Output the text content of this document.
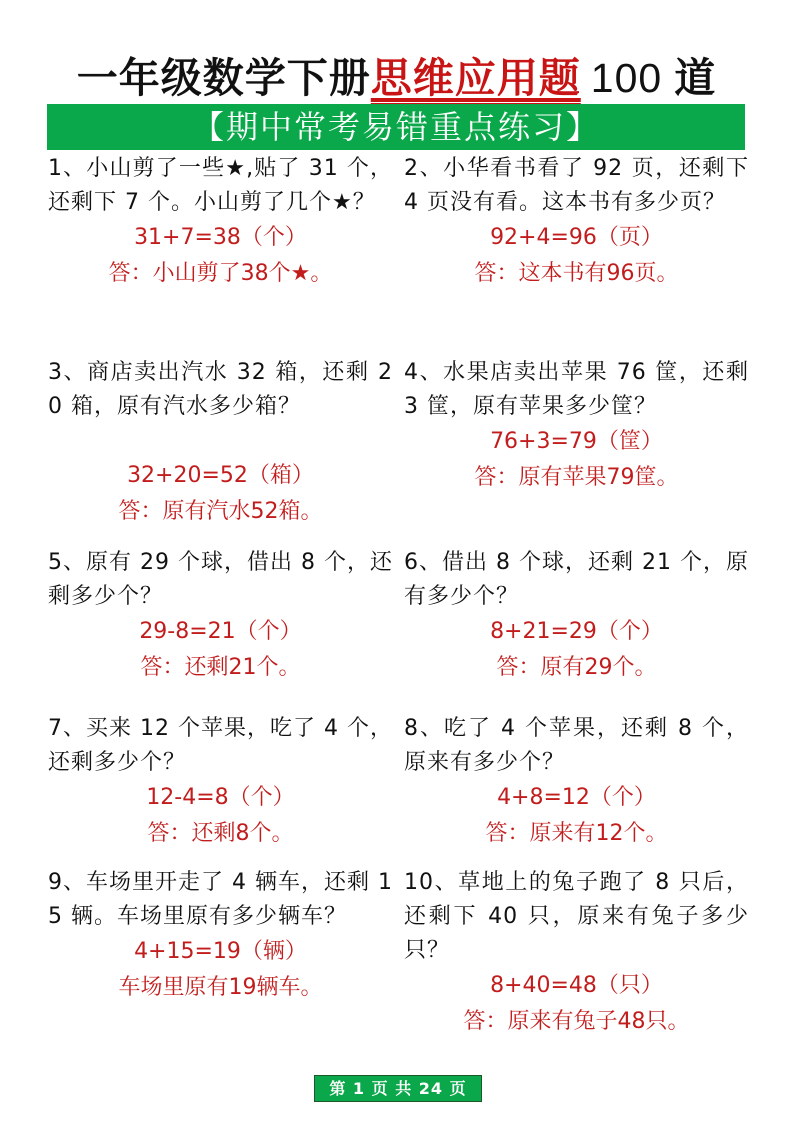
一年级数学下册思维应用题 100 道
【期中常考易错重点练习】
1、小山剪了一些★,贴了 31 个，还剩下 7 个。小山剪了几个★？
31+7=38（个）
答：小山剪了38个★。
2、小华看书看了 92 页，还剩下 4 页没有看。这本书有多少页？
92+4=96（页）
答：这本书有96页。
3、商店卖出汽水 32 箱，还剩 20 箱，原有汽水多少箱？
32+20=52（箱）
答：原有汽水52箱。
4、水果店卖出苹果 76 筐，还剩 3 筐，原有苹果多少筐？
76+3=79（筐）
答：原有苹果79筐。
5、原有 29 个球，借出 8 个，还剩多少个？
29-8=21（个）
答：还剩21个。
6、借出 8 个球，还剩 21 个，原有多少个？
8+21=29（个）
答：原有29个。
7、买来 12 个苹果，吃了 4 个，还剩多少个？
12-4=8（个）
答：还剩8个。
8、吃了 4 个苹果，还剩 8 个，原来有多少个？
4+8=12（个）
答：原来有12个。
9、车场里开走了 4 辆车，还剩 15 辆。车场里原有多少辆车？
4+15=19（辆）
车场里原有19辆车。
10、草地上的兔子跑了 8 只后，还剩下 40 只，原来有兔子多少只？
8+40=48（只）
答：原来有兔子48只。
第 1 页 共 24 页
